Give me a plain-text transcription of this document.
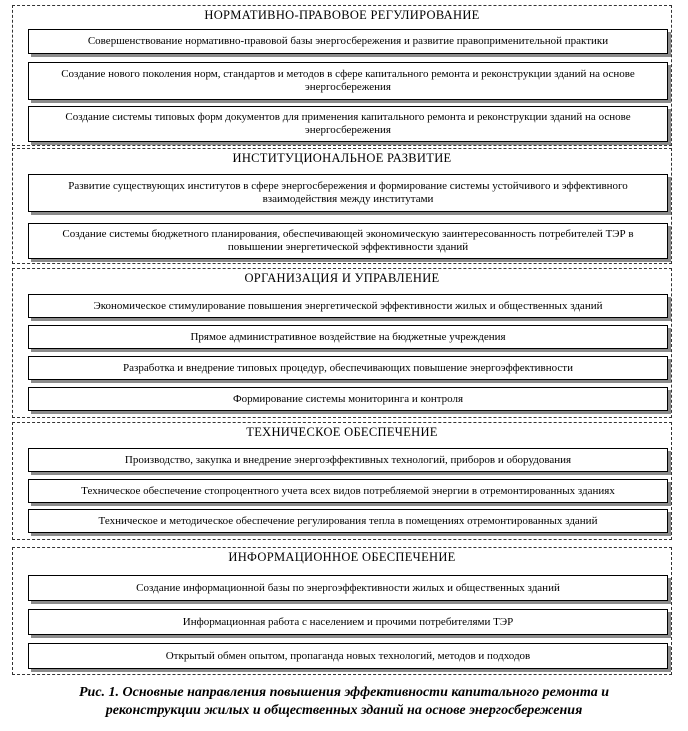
НОРМАТИВНО-ПРАВОВОЕ РЕГУЛИРОВАНИЕ
Совершенствование нормативно-правовой базы энергосбережения и развитие правоприменительной практики
Создание нового поколения норм, стандартов и методов в сфере капитального ремонта и реконструкции зданий на основе энергосбережения
Создание системы типовых форм документов для применения капитального ремонта и реконструкции зданий на основе энергосбережения
ИНСТИТУЦИОНАЛЬНОЕ РАЗВИТИЕ
Развитие существующих институтов в сфере энергосбережения и формирование системы устойчивого и эффективного взаимодействия между институтами
Создание системы бюджетного планирования, обеспечивающей экономическую заинтересованность потребителей ТЭР в повышении энергетической эффективности зданий
ОРГАНИЗАЦИЯ И УПРАВЛЕНИЕ
Экономическое стимулирование повышения энергетической эффективности жилых и общественных зданий
Прямое административное воздействие на бюджетные учреждения
Разработка и внедрение типовых процедур, обеспечивающих повышение энергоэффективности
Формирование системы мониторинга и контроля
ТЕХНИЧЕСКОЕ ОБЕСПЕЧЕНИЕ
Производство, закупка и внедрение энергоэффективных технологий, приборов и оборудования
Техническое обеспечение стопроцентного учета всех видов потребляемой энергии в отремонтированных зданиях
Техническое и методическое обеспечение регулирования тепла в помещениях отремонтированных зданий
ИНФОРМАЦИОННОЕ ОБЕСПЕЧЕНИЕ
Создание информационной базы по энергоэффективности жилых и общественных зданий
Информационная работа с населением и прочими потребителями ТЭР
Открытый обмен опытом, пропаганда новых технологий, методов и подходов
Рис. 1. Основные направления повышения эффективности капитального ремонта и
реконструкции жилых и общественных зданий на основе энергосбережения
